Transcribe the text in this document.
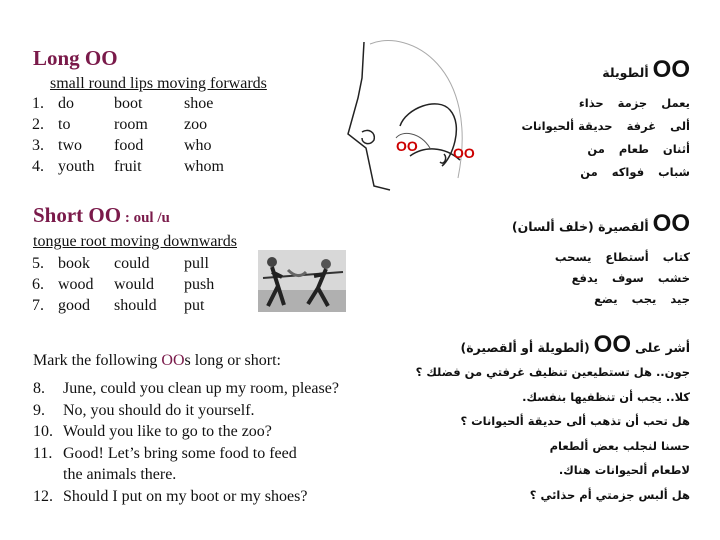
Long OO
small round lips moving forwards
1.	do	boot	shoe
2.	to	room	zoo
3.	two	food	who
4.	youth	fruit	whom
Short OO : oul /u
tongue root moving downwards
5.	book	could	pull
6.	wood	would	push
7.	good	should	put
Mark the following OOs long or short:
8. June, could you clean up my room, please?
9. No, you should do it yourself.
10. Would you like to go to the zoo?
11. Good! Let’s bring some food to feed
the animals there.
12. Should I put on my boot or my shoes?
OO	OO
ألطويلة OO
حذاء جزمة يعمل
حديقة ألحيوانات غرفة ألى
من طعام أثنان
من فواكه شباب
ألقصيرة (خلف ألسان) OO
يسحب أستطاع كتاب
يدفع سوف خشب
يضع يجب جيد
(ألطويلة أو ألقصيرة) OO أشر على
جون.. هل تستطيعين تنظيف غرفتي من فضلك ؟
كلا.. يجب أن تنظفيها بنفسك.
هل تحب أن تذهب ألى حديقة ألحيوانات ؟
حسنا لنجلب بعض ألطعام
لاطعام ألحيوانات هناك.
هل ألبس جزمتي أم حذائي ؟
